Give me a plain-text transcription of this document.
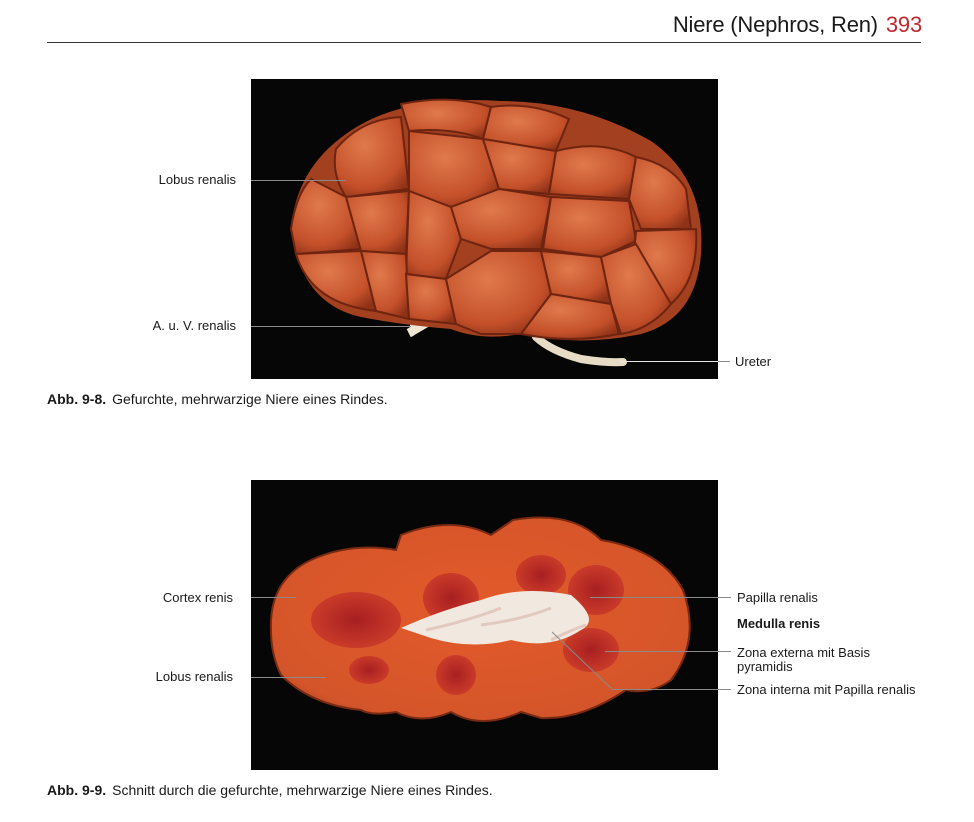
Niere (Nephros, Ren) 393
Lobus renalis
A. u. V. renalis
Ureter
Abb. 9-8. Gefurchte, mehrwarzige Niere eines Rindes.
Cortex renis
Lobus renalis
Papilla renalis
Medulla renis
Zona externa mit Basis
pyramidis
Zona interna mit Papilla renalis
Abb. 9-9. Schnitt durch die gefurchte, mehrwarzige Niere eines Rindes.
